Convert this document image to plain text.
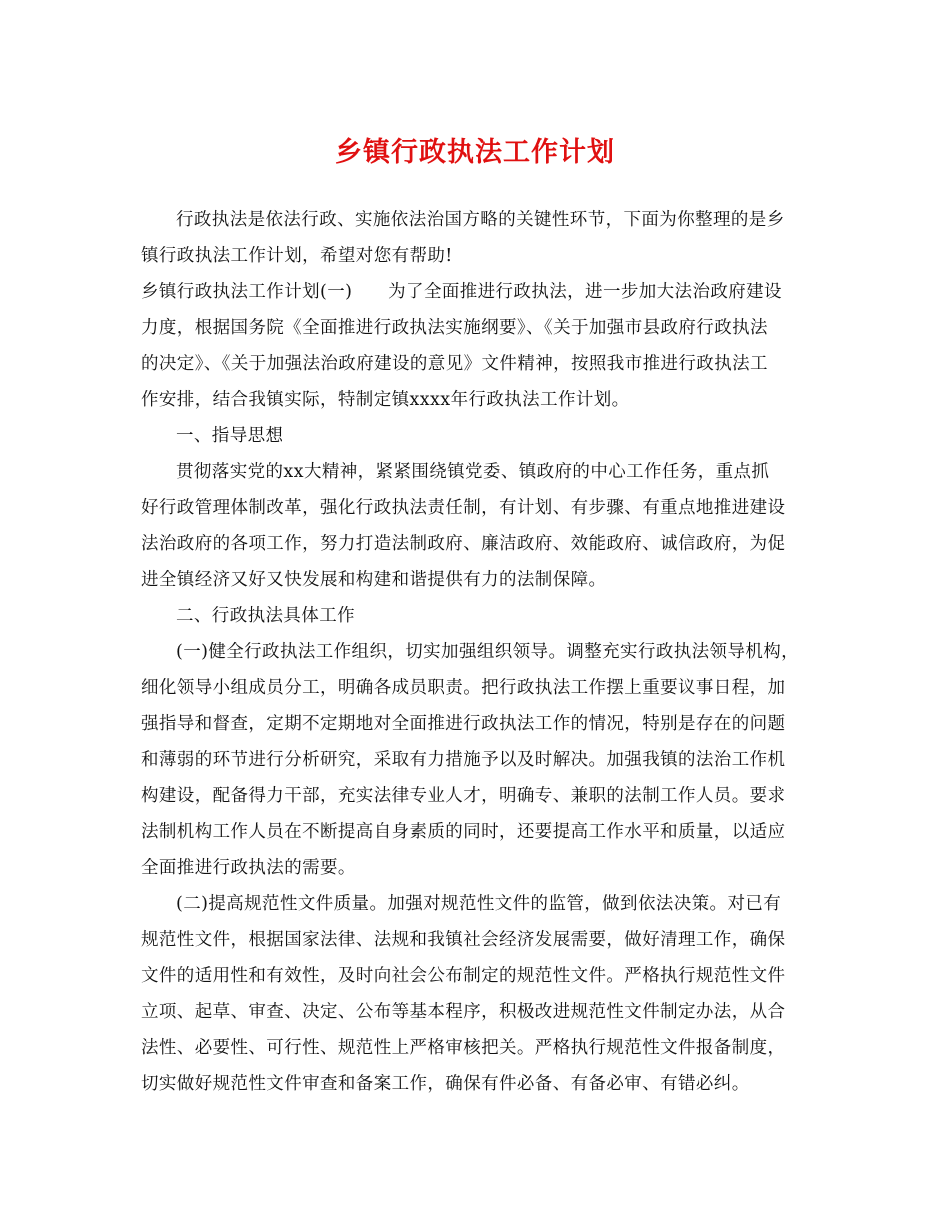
乡镇行政执法工作计划
行政执法是依法行政、实施依法治国方略的关键性环节，下面为你整理的是乡
镇行政执法工作计划，希望对您有帮助!
乡镇行政执法工作计划(一)　　为了全面推进行政执法，进一步加大法治政府建设
力度，根据国务院《全面推进行政执法实施纲要》、《关于加强市县政府行政执法
的决定》、《关于加强法治政府建设的意见》文件精神，按照我市推进行政执法工
作安排，结合我镇实际，特制定镇xxxx年行政执法工作计划。
一、指导思想
贯彻落实党的xx大精神，紧紧围绕镇党委、镇政府的中心工作任务，重点抓
好行政管理体制改革，强化行政执法责任制，有计划、有步骤、有重点地推进建设
法治政府的各项工作，努力打造法制政府、廉洁政府、效能政府、诚信政府，为促
进全镇经济又好又快发展和构建和谐提供有力的法制保障。
二、行政执法具体工作
(一)健全行政执法工作组织，切实加强组织领导。调整充实行政执法领导机构，
细化领导小组成员分工，明确各成员职责。把行政执法工作摆上重要议事日程，加
强指导和督查，定期不定期地对全面推进行政执法工作的情况，特别是存在的问题
和薄弱的环节进行分析研究，采取有力措施予以及时解决。加强我镇的法治工作机
构建设，配备得力干部，充实法律专业人才，明确专、兼职的法制工作人员。要求
法制机构工作人员在不断提高自身素质的同时，还要提高工作水平和质量，以适应
全面推进行政执法的需要。
(二)提高规范性文件质量。加强对规范性文件的监管，做到依法决策。对已有
规范性文件，根据国家法律、法规和我镇社会经济发展需要，做好清理工作，确保
文件的适用性和有效性，及时向社会公布制定的规范性文件。严格执行规范性文件
立项、起草、审查、决定、公布等基本程序，积极改进规范性文件制定办法，从合
法性、必要性、可行性、规范性上严格审核把关。严格执行规范性文件报备制度，
切实做好规范性文件审查和备案工作，确保有件必备、有备必审、有错必纠。
